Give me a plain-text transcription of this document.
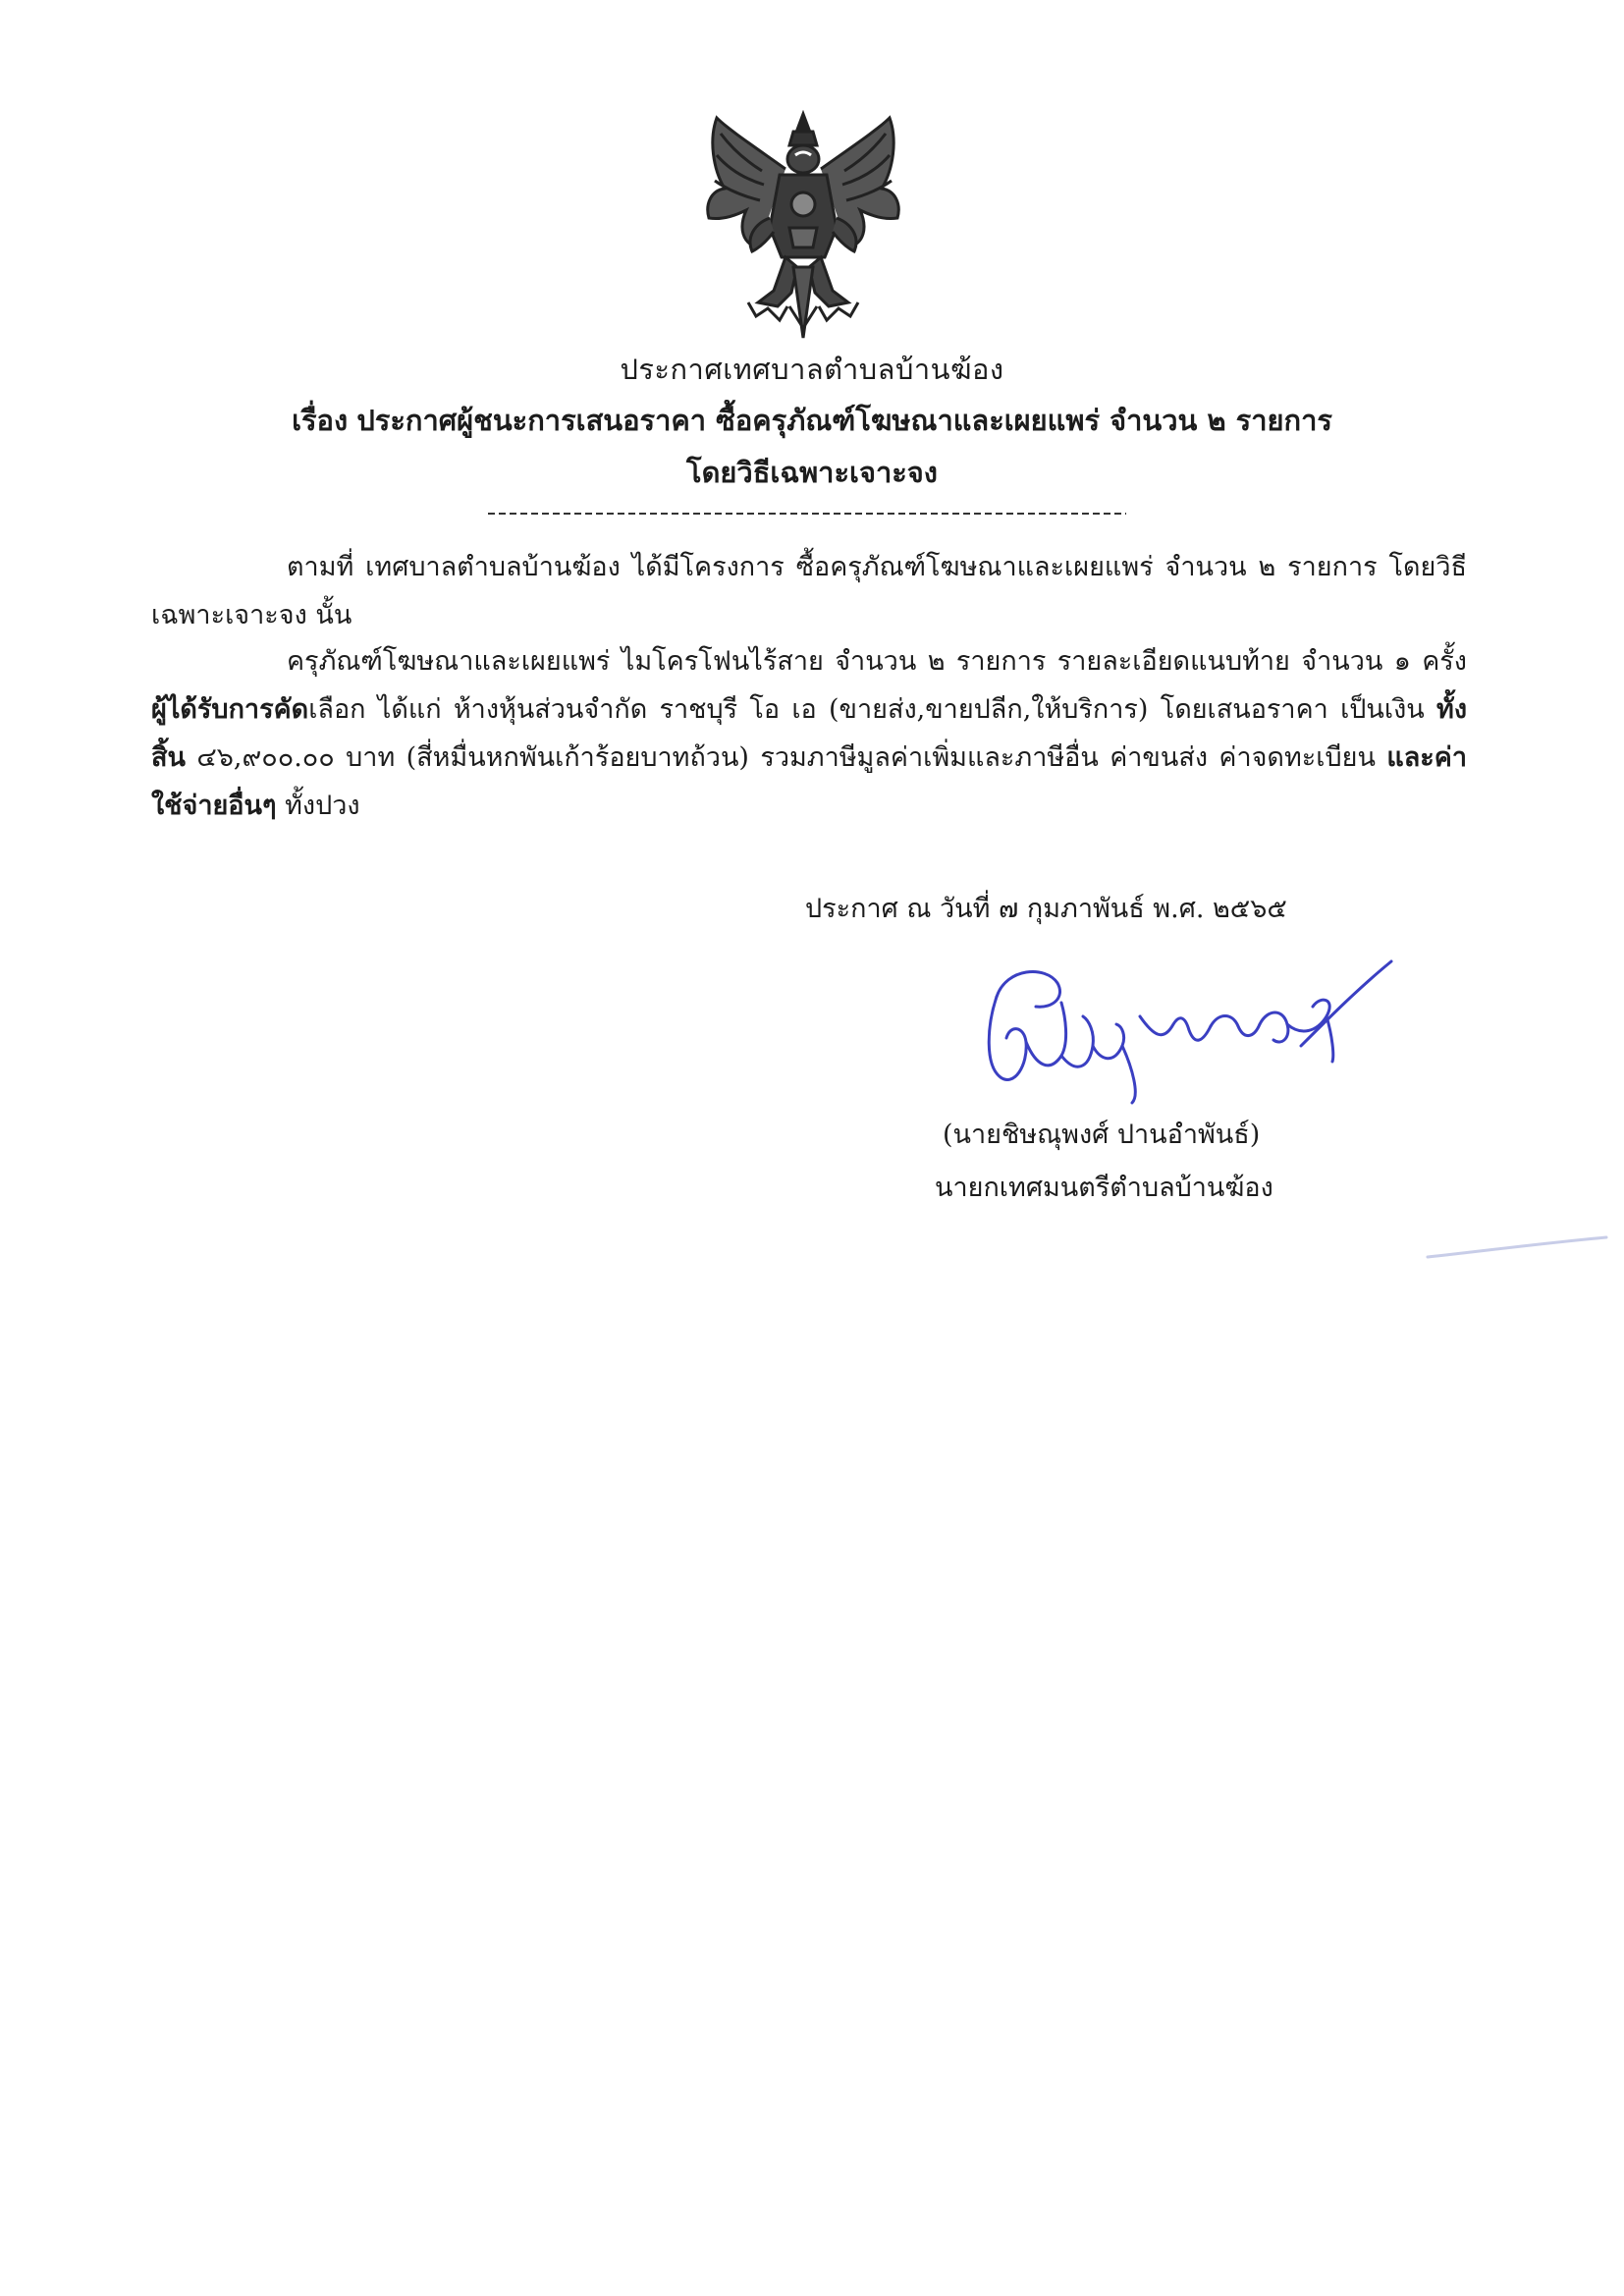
ประกาศเทศบาลตำบลบ้านฆ้อง
เรื่อง ประกาศผู้ชนะการเสนอราคา ซื้อครุภัณฑ์โฆษณาและเผยแพร่ จำนวน ๒ รายการ
โดยวิธีเฉพาะเจาะจง
ตามที่ เทศบาลตำบลบ้านฆ้อง ได้มีโครงการ ซื้อครุภัณฑ์โฆษณาและเผยแพร่ จำนวน ๒ รายการ โดยวิธีเฉพาะเจาะจง นั้น
ครุภัณฑ์โฆษณาและเผยแพร่ ไมโครโฟนไร้สาย จำนวน ๒ รายการ รายละเอียดแนบท้าย จำนวน ๑ ครั้ง ผู้ได้รับการคัดเลือก ได้แก่ ห้างหุ้นส่วนจำกัด ราชบุรี โอ เอ (ขายส่ง,ขายปลีก,ให้บริการ) โดยเสนอราคา เป็นเงิน ทั้งสิ้น ๔๖,๙๐๐.๐๐ บาท (สี่หมื่นหกพันเก้าร้อยบาทถ้วน) รวมภาษีมูลค่าเพิ่มและภาษีอื่น ค่าขนส่ง ค่าจดทะเบียน และค่าใช้จ่ายอื่นๆ ทั้งปวง
ประกาศ ณ วันที่ ๗ กุมภาพันธ์ พ.ศ. ๒๕๖๕
(นายชิษณุพงศ์ ปานอำพันธ์)
นายกเทศมนตรีตำบลบ้านฆ้อง
